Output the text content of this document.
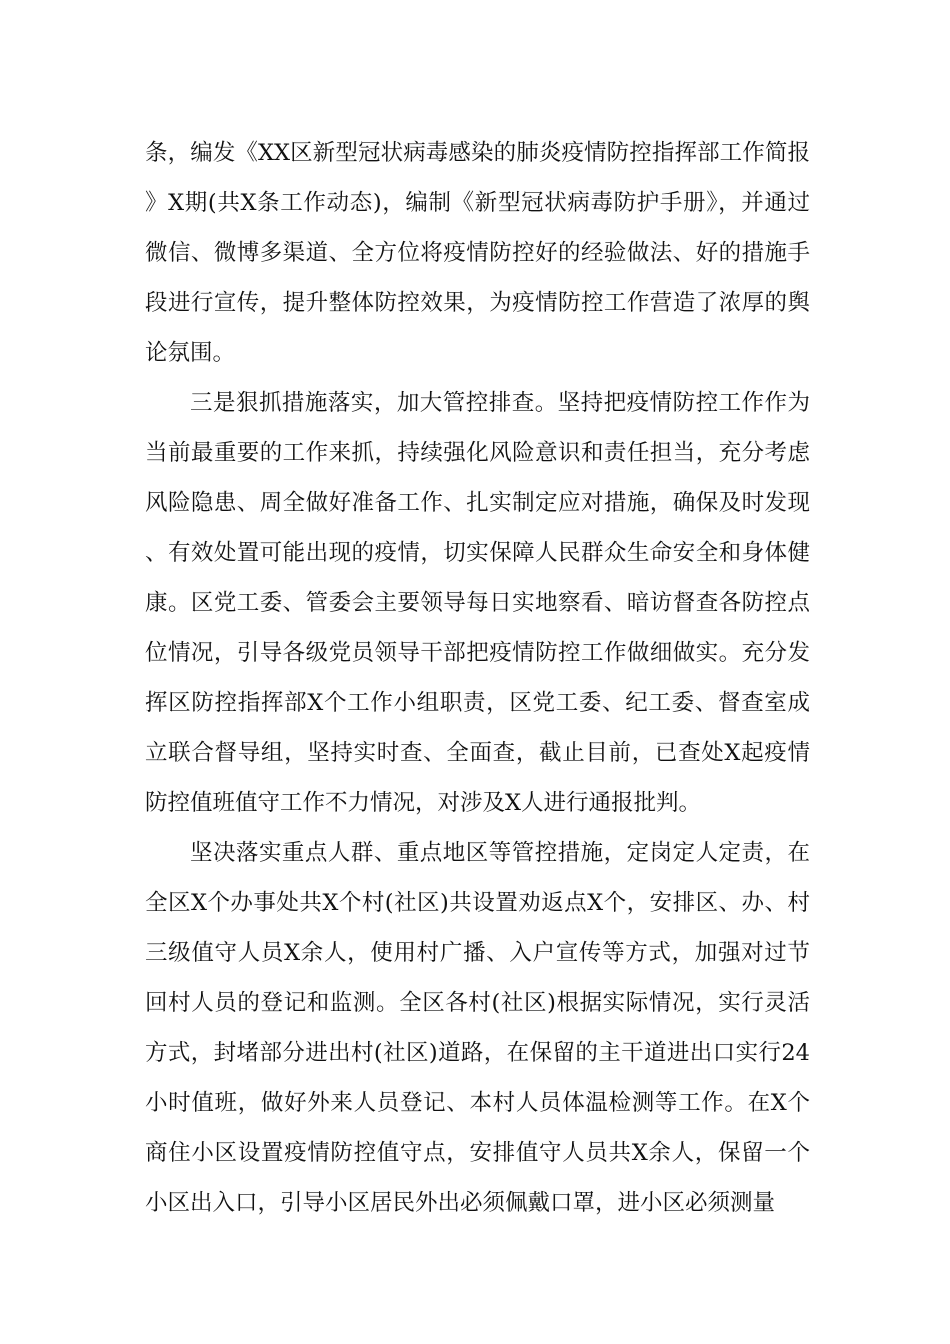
条，编发《XX区新型冠状病毒感染的肺炎疫情防控指挥部工作简报》X期(共X条工作动态)，编制《新型冠状病毒防护手册》，并通过微信、微博多渠道、全方位将疫情防控好的经验做法、好的措施手段进行宣传，提升整体防控效果，为疫情防控工作营造了浓厚的舆论氛围。

三是狠抓措施落实，加大管控排查。坚持把疫情防控工作作为当前最重要的工作来抓，持续强化风险意识和责任担当，充分考虑风险隐患、周全做好准备工作、扎实制定应对措施，确保及时发现、有效处置可能出现的疫情，切实保障人民群众生命安全和身体健康。区党工委、管委会主要领导每日实地察看、暗访督查各防控点位情况，引导各级党员领导干部把疫情防控工作做细做实。充分发挥区防控指挥部X个工作小组职责，区党工委、纪工委、督查室成立联合督导组，坚持实时查、全面查，截止目前，已查处X起疫情防控值班值守工作不力情况，对涉及X人进行通报批判。

坚决落实重点人群、重点地区等管控措施，定岗定人定责，在全区X个办事处共X个村(社区)共设置劝返点X个，安排区、办、村三级值守人员X余人，使用村广播、入户宣传等方式，加强对过节回村人员的登记和监测。全区各村(社区)根据实际情况，实行灵活方式，封堵部分进出村(社区)道路，在保留的主干道进出口实行24小时值班，做好外来人员登记、本村人员体温检测等工作。在X个商住小区设置疫情防控值守点，安排值守人员共X余人，保留一个小区出入口，引导小区居民外出必须佩戴口罩，进小区必须测量
